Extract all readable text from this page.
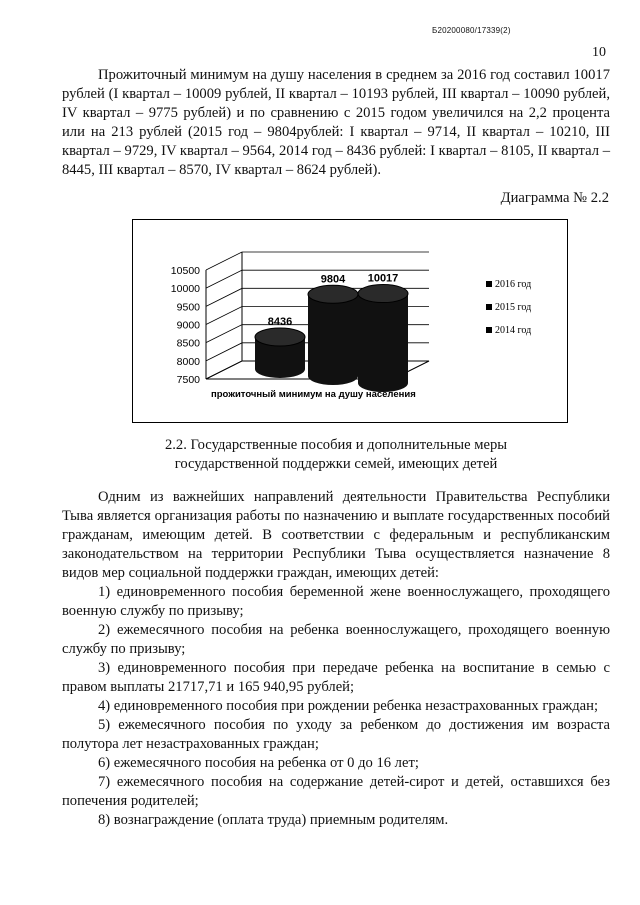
Б20200080/17339(2)
10
Прожиточный минимум на душу населения в среднем за 2016 год составил 10017 рублей (I квартал – 10009 рублей, II квартал – 10193 рублей, III квартал – 10090 рублей, IV квартал – 9775 рублей) и по сравнению с 2015 годом увеличился на 2,2 процента или на 213 рублей (2015 год – 9804рублей: I квартал – 9714, II квартал – 10210, III квартал – 9729, IV квартал – 9564, 2014 год – 8436 рублей: I квартал – 8105, II квартал – 8445, III квартал – 8570, IV квартал – 8624 рублей).
Диаграмма № 2.2
10500
10000
9500
9000
8500
8000
7500
8436
9804 10017
прожиточный минимум на душу населения
2016 год
2015 год
2014 год
2.2. Государственные пособия и дополнительные меры
государственной поддержки семей, имеющих детей

Одним из важнейших направлений деятельности Правительства Республики Тыва является организация работы по назначению и выплате государственных пособий гражданам, имеющим детей. В соответствии с федеральным и республиканским законодательством на территории Республики Тыва осуществляется назначение 8 видов мер социальной поддержки граждан, имеющих детей:

1) единовременного пособия беременной жене военнослужащего, проходящего военную службу по призыву;

2) ежемесячного пособия на ребенка военнослужащего, проходящего военную службу по призыву;

3) единовременного пособия при передаче ребенка на воспитание в семью с правом выплаты 21717,71 и 165 940,95 рублей;

4) единовременного пособия при рождении ребенка незастрахованных граждан;

5) ежемесячного пособия по уходу за ребенком до достижения им возраста полутора лет незастрахованных граждан;

6) ежемесячного пособия на ребенка от 0 до 16 лет;

7) ежемесячного пособия на содержание детей-сирот и детей, оставшихся без попечения родителей;

8) вознаграждение (оплата труда) приемным родителям.
